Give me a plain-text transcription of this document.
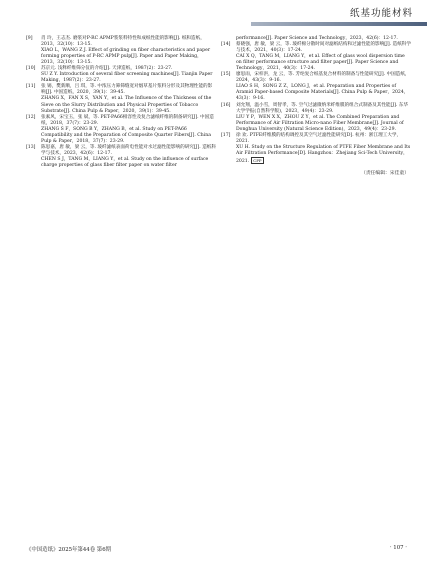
纸基功能材料
[9] 肖 玲，王志杰. 磨浆对P-RC APMP浆浆料特性和成纸性能的影响[J]. 纸和造纸，2013，32(10)：13-15.
XIAO L，WANG Z J. Effect of grinding on fiber characteristics and paper forming properties of P-RC APMP pulp[J]. Paper and Paper Making，2013，32(10)：13-15.
[10] 苏京元. 浅释纤维筛分仪的介绍[J]. 天津造纸，1987(2)：23-27.
SU Z Y. Introduction of several fiber screening machines[J]. Tianjin Paper Making，1987(2)：23-27.
[11] 张 锡，樊新顺，吕 琪，等. 中浓压力筛筛缝宽对烟草基片浆料分形及其物理性能的影响[J]. 中国造纸，2020，39(1)：39-45.
ZHANG X，FAN X S，YAN Y，et al. The Influence of the Thickness of the Sieve on the Slurry Distribution and Physical Properties of Tobacco Substrate[J]. China Pulp & Paper，2020，39(1)：39-45.
[12] 张素风，宋宝玉，张 斌，等. PET-PA66相容性及复合滤纸纤维的制备研究[J]. 中国造纸，2018，37(7)：23-29.
ZHANG S F，SONG B Y，ZHANG B，et al. Study on PET-PA66 Compatibility and the Preparation of Composite Quarter Fibers[J]. China Pulp & Paper，2018，37(7)：23-29.
[13] 陈思嘉，唐 敏，梁 云，等. 玻纤滤纸表面荷电性能对水过滤性能影响的研究[J]. 造纸科学与技术，2023，42(6)：12-17.
CHEN S J，TANG M，LIANG Y，et al. Study on the influence of surface charge properties of glass fiber filter paper on water filter
performance[J]. Paper Science and Technology，2023，42(6)：12-17.
[14] 蔡晓强，唐 敏，梁 云，等. 玻纤棉分散时间对滤纸结构和过滤性能的影响[J]. 造纸科学与技术，2021，40(3)：17-24.
CAI X Q，TANG M，LIANG Y，et al. Effect of glass wool dispersion time on filter performance structure and filter paper[J]. Paper Science and Technology，2021，40(3)：17-24.
[15] 廖思雨，宋梓洪，龙 云，等. 芳纶复合纸基复合材料的制备与性能研究[J]. 中国造纸，2024，43(3)：9-16.
LIAO S H，SONG Z Z，LONG J，et al. Preparation and Properties of Aramid Paper-based Composite Materials[J]. China Pulp & Paper，2024，43(3)：9-16.
[16] 刘允翔，温小雪，周智孝，等. 空气过滤微纳米纤维膜的组合式制备及其性能[J]. 东华大学学报(自然科学版)，2023，49(4)：23-29.
LIU Y P，WEN X X，ZHOU Z Y，et al. The Combined Preparation and Performance of Air Filtration Micro-nano Fiber Membrane[J]. Journal of Donghua University (Natural Science Edition)，2023，49(4)：23-29.
[17] 徐 欢. PTFE纤维膜的结构调控及其空气过滤性能研究[D]. 杭州：浙江理工大学，2021.
XU H. Study on the Structure Regulation of PTFE Fiber Membrane and Its Air Filtration Performance[D]. Hangzhou：Zhejiang Sci-Tech University，2021. CPP
（责任编辑：宋佳童）
《中国造纸》2025年第44卷 第6期	· 107 ·
